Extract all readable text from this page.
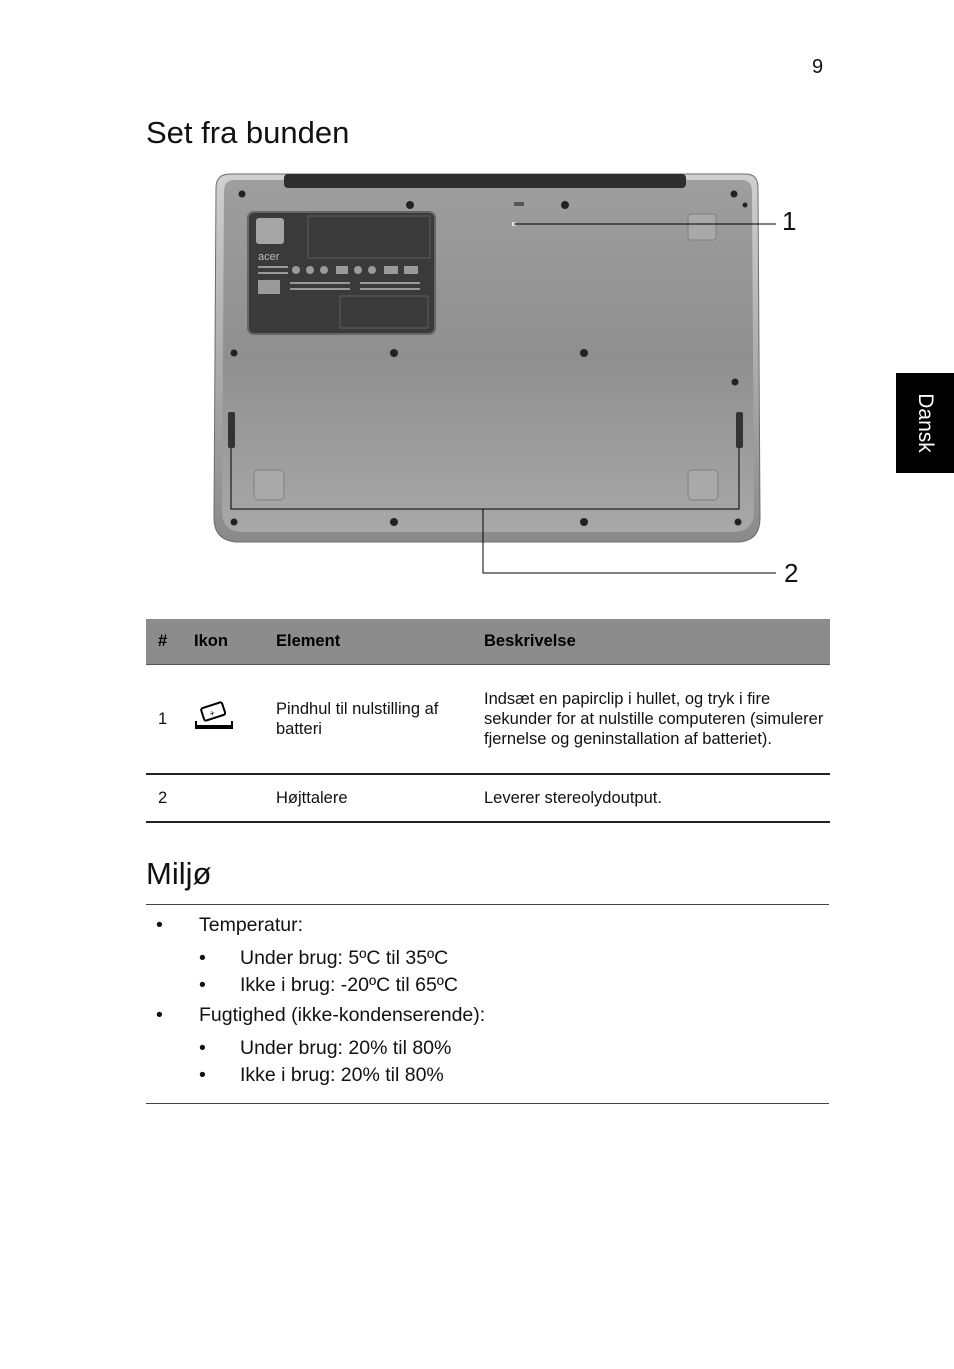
9
Dansk
Set fra bunden
acer
1
2
#	Ikon	Element	Beskrivelse
1	+	Pindhul til nulstilling af batteri	Indsæt en papirclip i hullet, og tryk i fire sekunder for at nulstille computeren (simulerer fjernelse og geninstallation af batteriet).
2		Højttalere	Leverer stereolydoutput.
Miljø
• Temperatur:
• Under brug: 5ºC til 35ºC
• Ikke i brug: -20ºC til 65ºC
• Fugtighed (ikke-kondenserende):
• Under brug: 20% til 80%
• Ikke i brug: 20% til 80%
